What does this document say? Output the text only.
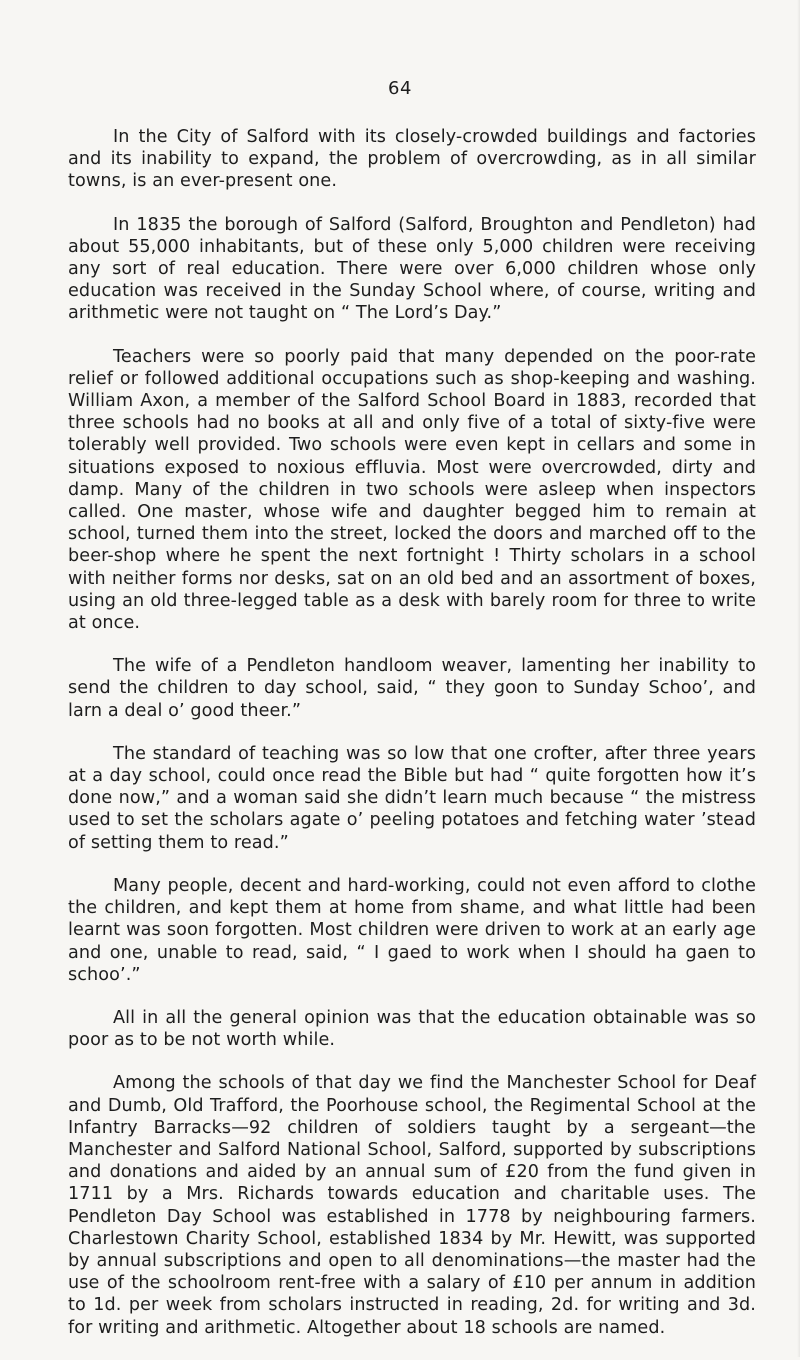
64

In the City of Salford with its closely-crowded buildings and factories and its inability to expand, the problem of overcrowding, as in all similar towns, is an ever-present one.

In 1835 the borough of Salford (Salford, Broughton and Pendleton) had about 55,000 inhabitants, but of these only 5,000 children were receiving any sort of real education. There were over 6,000 children whose only education was received in the Sunday School where, of course, writing and arithmetic were not taught on “ The Lord’s Day.”

Teachers were so poorly paid that many depended on the poor-rate relief or followed additional occupations such as shop-keeping and washing. William Axon, a member of the Salford School Board in 1883, recorded that three schools had no books at all and only five of a total of sixty-five were tolerably well provided. Two schools were even kept in cellars and some in situations exposed to noxious effluvia. Most were overcrowded, dirty and damp. Many of the children in two schools were asleep when inspectors called. One master, whose wife and daughter begged him to remain at school, turned them into the street, locked the doors and marched off to the beer-shop where he spent the next fortnight ! Thirty scholars in a school with neither forms nor desks, sat on an old bed and an assortment of boxes, using an old three-legged table as a desk with barely room for three to write at once.

The wife of a Pendleton handloom weaver, lamenting her inability to send the children to day school, said, “ they goon to Sunday Schoo’, and larn a deal o’ good theer.”

The standard of teaching was so low that one crofter, after three years at a day school, could once read the Bible but had “ quite forgotten how it’s done now,” and a woman said she didn’t learn much because “ the mistress used to set the scholars agate o’ peeling potatoes and fetching water ’stead of setting them to read.”

Many people, decent and hard-working, could not even afford to clothe the children, and kept them at home from shame, and what little had been learnt was soon forgotten. Most children were driven to work at an early age and one, unable to read, said, “ I gaed to work when I should ha gaen to schoo’.”

All in all the general opinion was that the education obtainable was so poor as to be not worth while.

Among the schools of that day we find the Manchester School for Deaf and Dumb, Old Trafford, the Poorhouse school, the Regimental School at the Infantry Barracks—92 children of soldiers taught by a sergeant—the Manchester and Salford National School, Salford, supported by subscriptions and donations and aided by an annual sum of £20 from the fund given in 1711 by a Mrs. Richards towards education and charitable uses. The Pendleton Day School was established in 1778 by neighbouring farmers. Charlestown Charity School, established 1834 by Mr. Hewitt, was supported by annual subscriptions and open to all denominations—the master had the use of the schoolroom rent-free with a salary of £10 per annum in addition to 1d. per week from scholars instructed in reading, 2d. for writing and 3d. for writing and arithmetic. Altogether about 18 schools are named.
